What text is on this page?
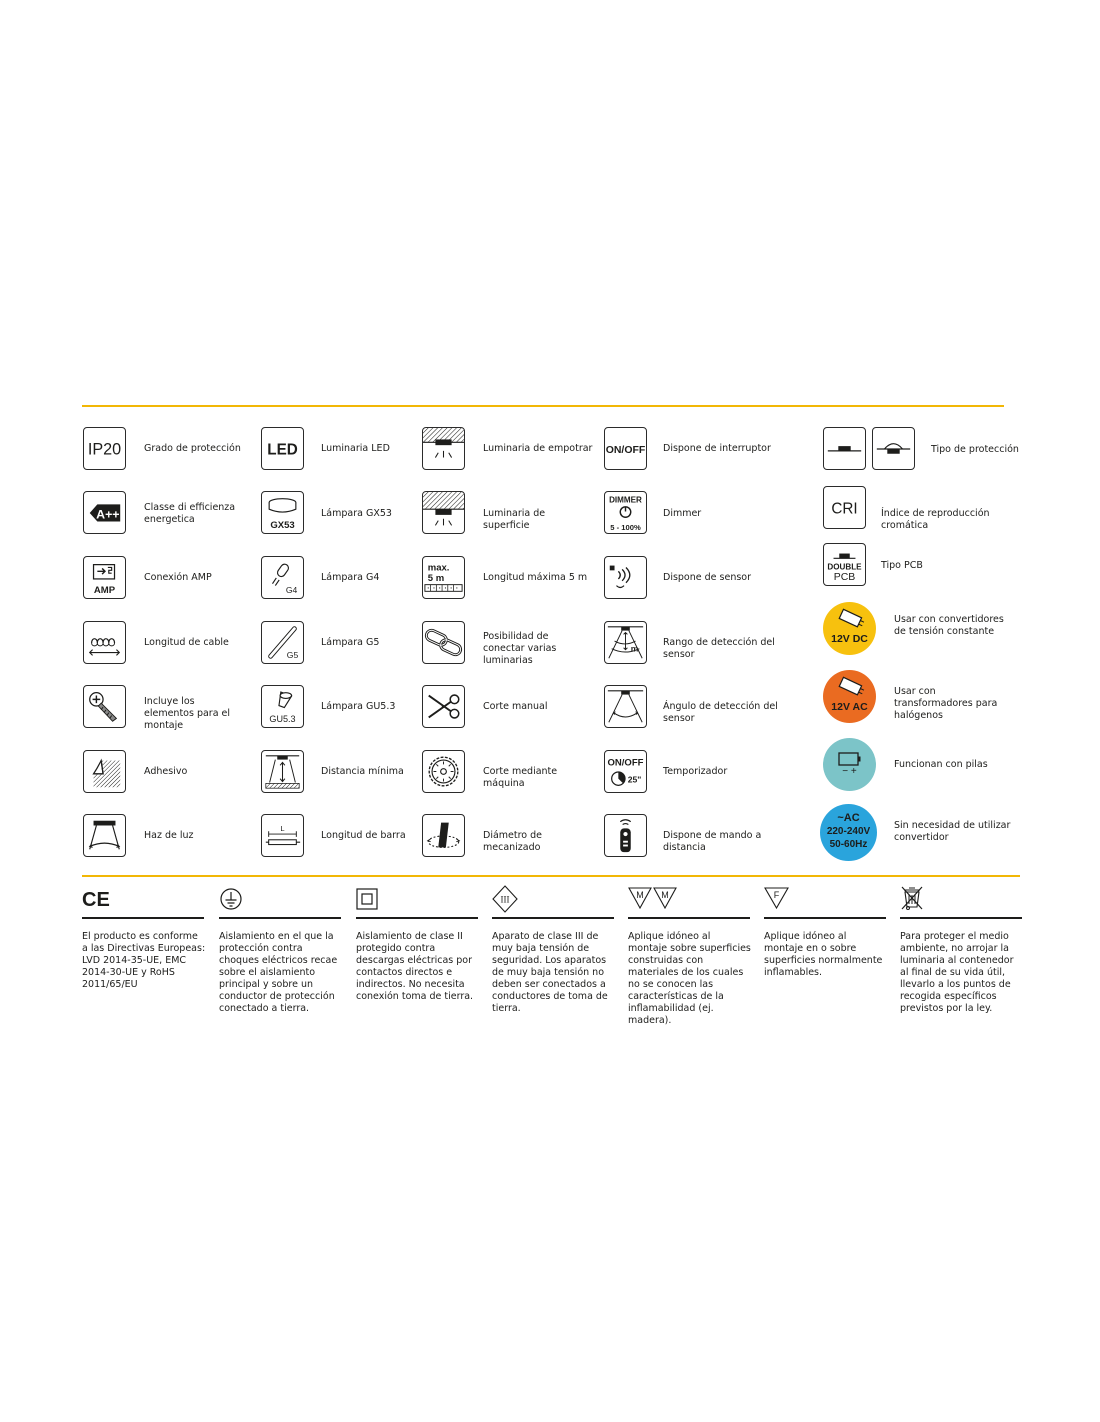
IP20 Grado de protección
A++
Classe di efficienza energetica
AMP
Conexión AMP
Longitud de cable
Incluye los elementos para el montaje
Adhesivo
Haz de luz
LED Luminaria LED
GX53
Lámpara GX53
G4
Lámpara G4
G5
Lámpara G5
GU5.3
Lámpara GU5.3
Distancia mínima
L
Longitud de barra
Luminaria de empotrar
Luminaria de superficie
max.
5 m	Longitud máxima 5 m
Posibilidad de conectar varias luminarias
Corte manual
Corte mediante máquina
Diámetro de mecanizado
ON/OFF Dispone de interruptor
DIMMER
5 - 100%
Dimmer
Dispone de sensor
m
Rango de detección del sensor
Ángulo de detección del sensor
ON/OFF
25"
Temporizador
Dispone de mando a distancia
Tipo de protección
CRI Índice de reproducción cromática
DOUBLE
PCB
Tipo PCB
12V DC
Usar con convertidores de tensión constante
12V AC
Usar con transformadores para halógenos
− +
Funcionan con pilas
~AC
220-240V
50-60Hz
Sin necesidad de utilizar convertidor
CE
El producto es conforme a las Directivas Europeas: LVD 2014-35-UE, EMC 2014-30-UE y RoHS 2011/65/EU
Aislamiento en el que la protección contra choques eléctricos recae sobre el aislamiento principal y sobre un conductor de protección conectado a tierra.
Aislamiento de clase II protegido contra descargas eléctricas por contactos directos e indirectos. No necesita conexión toma de tierra.
III
Aparato de clase III de muy baja tensión de seguridad. Los aparatos de muy baja tensión no deben ser conectados a conductores de toma de tierra.
M M
Aplique idóneo al montaje sobre superficies construidas con materiales de los cuales no se conocen las características de la inflamabilidad (ej. madera).
F
Aplique idóneo al montaje en o sobre superficies normalmente inflamables.
Para proteger el medio ambiente, no arrojar la luminaria al contenedor al final de su vida útil, llevarlo a los puntos de recogida específicos previstos por la ley.
